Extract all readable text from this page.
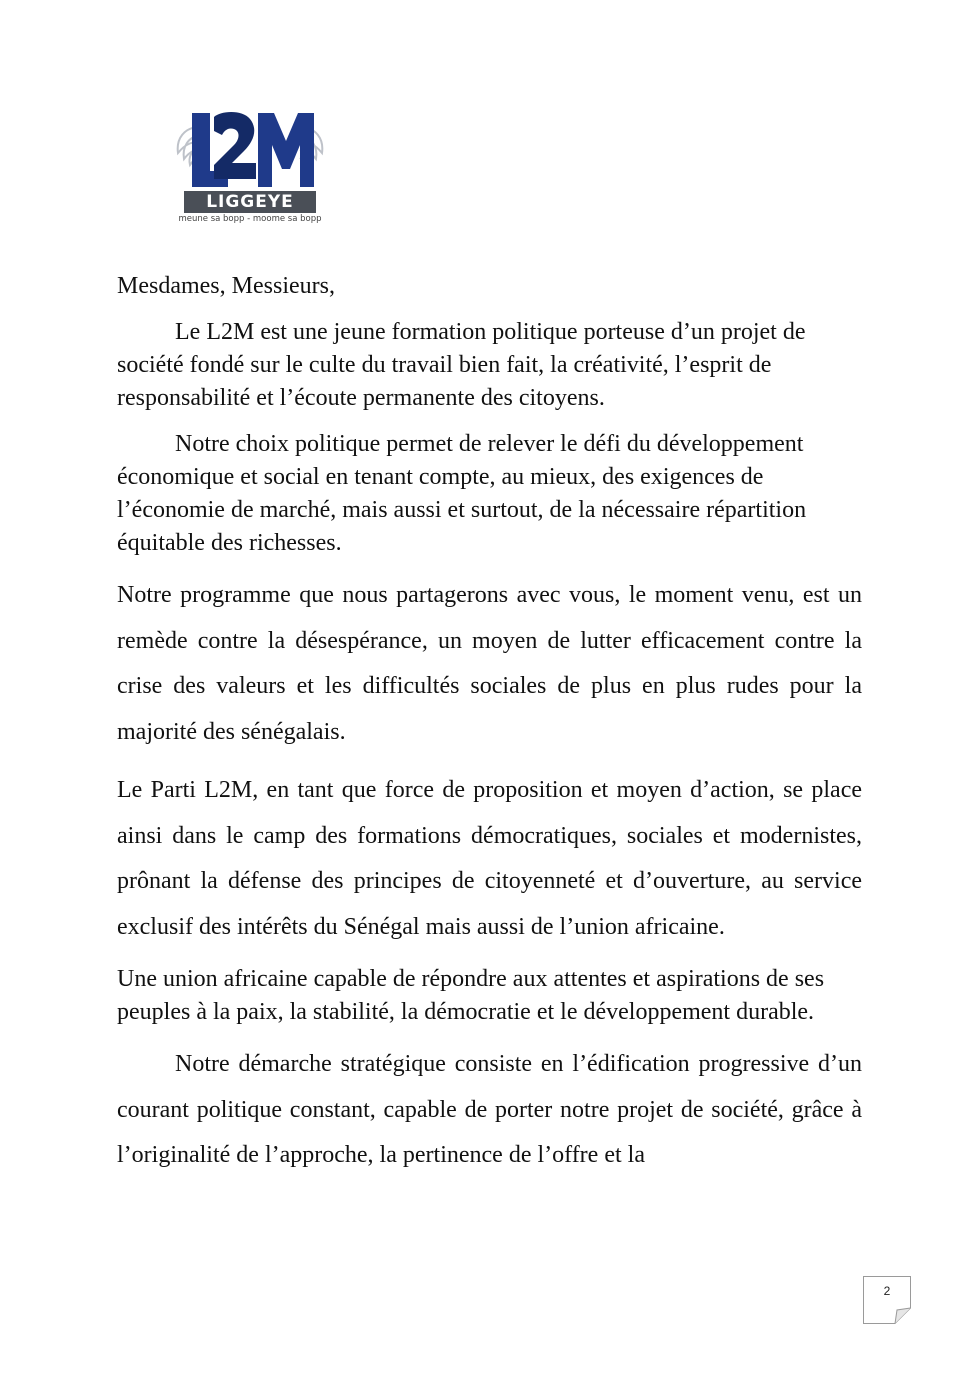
LIGGEYE
meune sa bopp - moome sa bopp

Mesdames, Messieurs,

Le L2M est une jeune formation politique porteuse d’un projet de société fondé sur le culte du travail bien fait, la créativité, l’esprit de responsabilité et l’écoute permanente des citoyens.

Notre choix politique permet de relever le défi du développement économique et social en tenant compte, au mieux, des exigences de l’économie de marché, mais aussi et surtout, de la nécessaire répartition équitable des richesses.

Notre programme que nous partagerons avec vous, le moment venu, est un remède contre la désespérance, un moyen de lutter efficacement contre la crise des valeurs et les difficultés sociales de plus en plus rudes pour la majorité des sénégalais.

Le Parti L2M, en tant que force de proposition et moyen d’action, se place ainsi dans le camp des formations démocratiques, sociales et modernistes, prônant la défense des principes de citoyenneté et d’ouverture, au service exclusif des intérêts du Sénégal mais aussi de l’union africaine.

Une union africaine capable de répondre aux attentes et aspirations de ses peuples à la paix, la stabilité, la démocratie et le développement durable.

Notre démarche stratégique consiste en l’édification progressive d’un courant politique constant, capable de porter notre projet de société, grâce à l’originalité de l’approche, la pertinence de l’offre et la

2
